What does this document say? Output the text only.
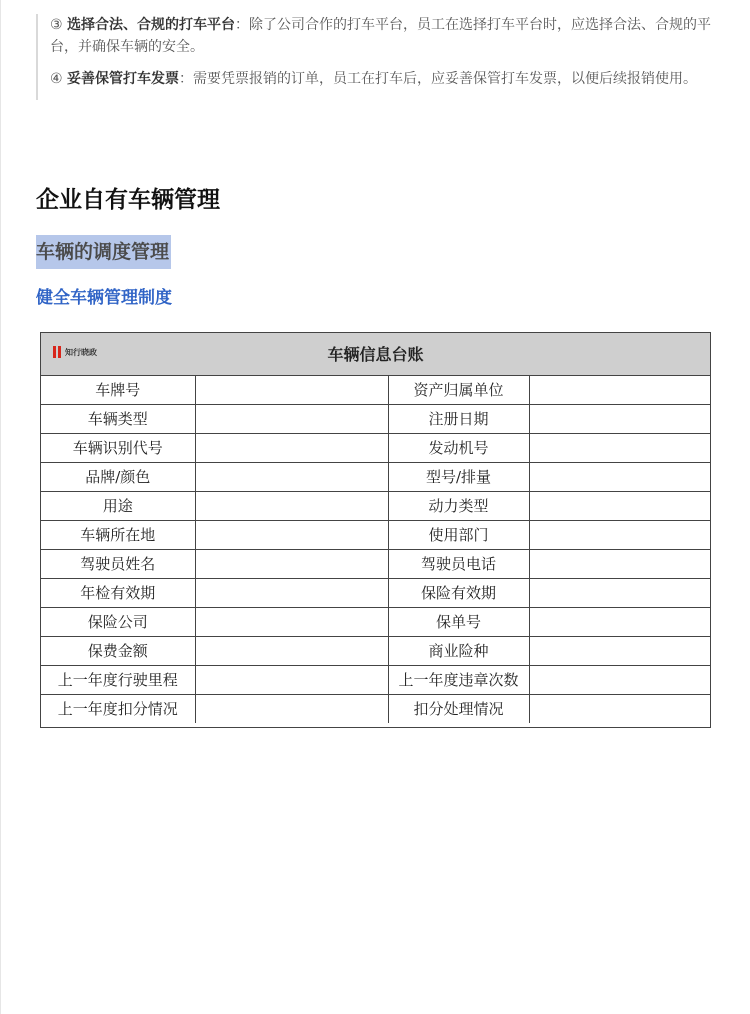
③ 选择合法、合规的打车平台：除了公司合作的打车平台，员工在选择打车平台时，应选择合法、合规的平台，并确保车辆的安全。

④ 妥善保管打车发票：需要凭票报销的订单，员工在打车后，应妥善保管打车发票，以便后续报销使用。

企业自有车辆管理
车辆的调度管理
健全车辆管理制度
知行晓政	车辆信息台账
车牌号		资产归属单位	
车辆类型		注册日期	
车辆识别代号		发动机号	
品牌/颜色		型号/排量	
用途		动力类型	
车辆所在地		使用部门	
驾驶员姓名		驾驶员电话	
年检有效期		保险有效期	
保险公司		保单号	
保费金额		商业险种	
上一年度行驶里程		上一年度违章次数	
上一年度扣分情况		扣分处理情况	
